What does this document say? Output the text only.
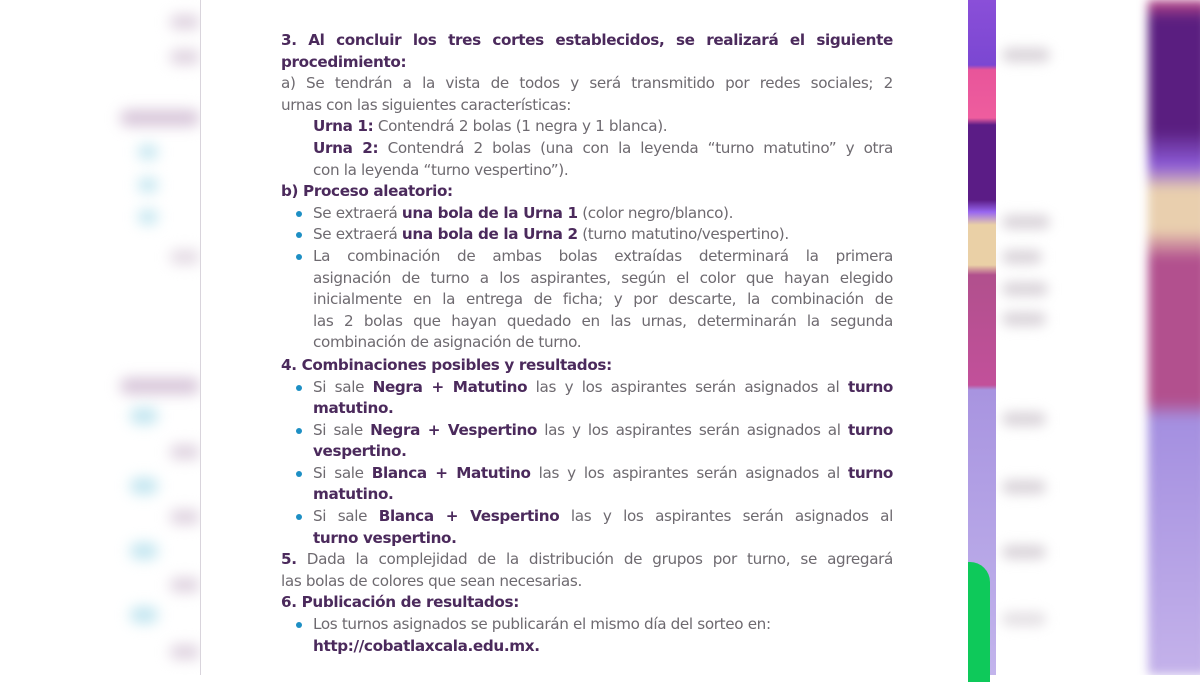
3. Al concluir los tres cortes establecidos, se realizará el siguiente

procedimiento:

a) Se tendrán a la vista de todos y será transmitido por redes sociales; 2

urnas con las siguientes características:

Urna 1: Contendrá 2 bolas (1 negra y 1 blanca).

Urna 2: Contendrá 2 bolas (una con la leyenda “turno matutino” y otra

con la leyenda “turno vespertino”).

b) Proceso aleatorio:

Se extraerá una bola de la Urna 1 (color negro/blanco).
Se extraerá una bola de la Urna 2 (turno matutino/vespertino).
La combinación de ambas bolas extraídas determinará la primera
asignación de turno a los aspirantes, según el color que hayan elegido
inicialmente en la entrega de ficha; y por descarte, la combinación de
las 2 bolas que hayan quedado en las urnas, determinarán la segunda
combinación de asignación de turno.

4. Combinaciones posibles y resultados:

Si sale Negra + Matutino las y los aspirantes serán asignados al turno
matutino.
Si sale Negra + Vespertino las y los aspirantes serán asignados al turno
vespertino.
Si sale Blanca + Matutino las y los aspirantes serán asignados al turno
matutino.
Si sale Blanca + Vespertino las y los aspirantes serán asignados al
turno vespertino.

5. Dada la complejidad de la distribución de grupos por turno, se agregará

las bolas de colores que sean necesarias.

6. Publicación de resultados:

Los turnos asignados se publicarán el mismo día del sorteo en:
http://cobatlaxcala.edu.mx.
